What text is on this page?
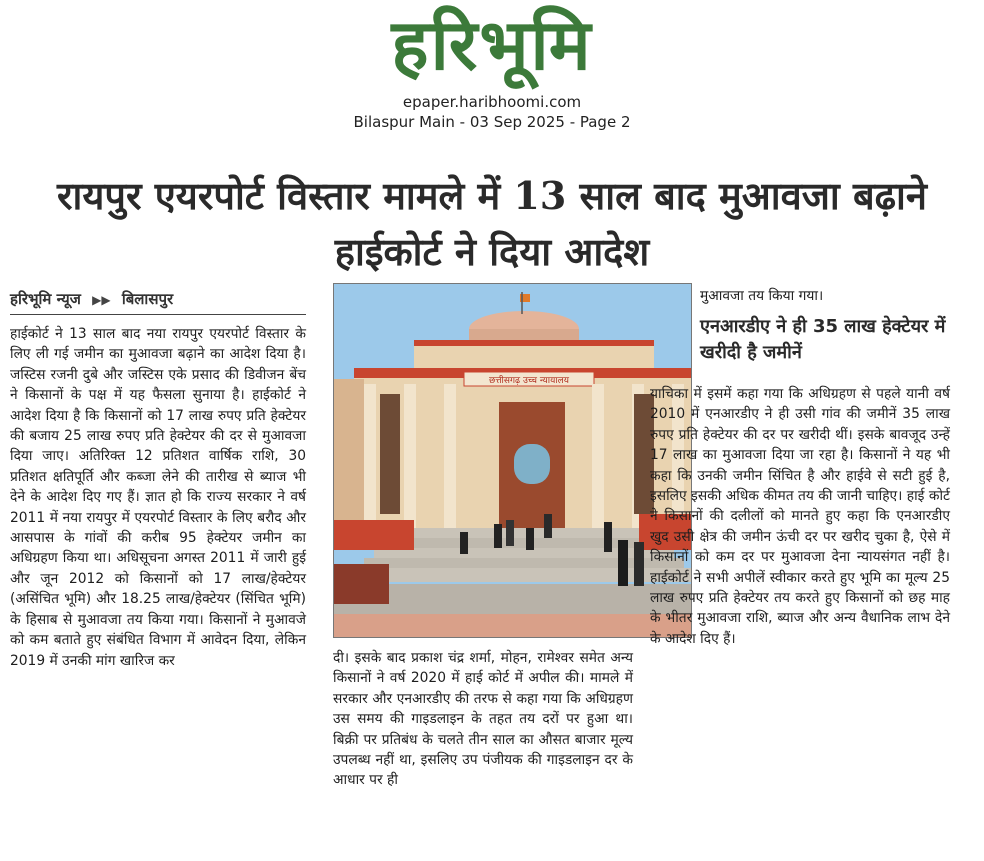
हरिभूमि
epaper.haribhoomi.com
Bilaspur Main - 03 Sep 2025 - Page 2
रायपुर एयरपोर्ट विस्तार मामले में 13 साल बाद मुआवजा बढ़ाने हाईकोर्ट ने दिया आदेश
हरिभूमि न्यूज ▶▶ बिलासपुर

हाईकोर्ट ने 13 साल बाद नया रायपुर एयरपोर्ट विस्तार के लिए ली गई जमीन का मुआवजा बढ़ाने का आदेश दिया है। जस्टिस रजनी दुबे और जस्टिस एके प्रसाद की डिवीजन बेंच ने किसानों के पक्ष में यह फैसला सुनाया है। हाईकोर्ट ने आदेश दिया है कि किसानों को 17 लाख रुपए प्रति हेक्टेयर की बजाय 25 लाख रुपए प्रति हेक्टेयर की दर से मुआवजा दिया जाए। अतिरिक्त 12 प्रतिशत वार्षिक राशि, 30 प्रतिशत क्षतिपूर्ति और कब्जा लेने की तारीख से ब्याज भी देने के आदेश दिए गए हैं। ज्ञात हो कि राज्य सरकार ने वर्ष 2011 में नया रायपुर में एयरपोर्ट विस्तार के लिए बरौद और आसपास के गांवों की करीब 95 हेक्टेयर जमीन का अधिग्रहण किया था। अधिसूचना अगस्त 2011 में जारी हुई और जून 2012 को किसानों को 17 लाख/हेक्टेयर (असिंचित भूमि) और 18.25 लाख/हेक्टेयर (सिंचित भूमि) के हिसाब से मुआवजा तय किया गया। किसानों ने मुआवजे को कम बताते हुए संबंधित विभाग में आवेदन दिया, लेकिन 2019 में उनकी मांग खारिज कर

छत्तीसगढ़ उच्च न्यायालय

दी। इसके बाद प्रकाश चंद्र शर्मा, मोहन, रामेश्वर समेत अन्य किसानों ने वर्ष 2020 में हाई कोर्ट में अपील की। मामले में सरकार और एनआरडीए की तरफ से कहा गया कि अधिग्रहण उस समय की गाइडलाइन के तहत तय दरों पर हुआ था। बिक्री पर प्रतिबंध के चलते तीन साल का औसत बाजार मूल्य उपलब्ध नहीं था, इसलिए उप पंजीयक की गाइडलाइन दर के आधार पर ही

मुआवजा तय किया गया।

एनआरडीए ने ही 35 लाख हेक्टेयर में खरीदी है जमीनें

याचिका में इसमें कहा गया कि अधिग्रहण से पहले यानी वर्ष 2010 में एनआरडीए ने ही उसी गांव की जमीनें 35 लाख रुपए प्रति हेक्टेयर की दर पर खरीदी थीं। इसके बावजूद उन्हें 17 लाख का मुआवजा दिया जा रहा है। किसानों ने यह भी कहा कि उनकी जमीन सिंचित है और हाईवे से सटी हुई है, इसलिए इसकी अधिक कीमत तय की जानी चाहिए। हाई कोर्ट ने किसानों की दलीलों को मानते हुए कहा कि एनआरडीए खुद उसी क्षेत्र की जमीन ऊंची दर पर खरीद चुका है, ऐसे में किसानों को कम दर पर मुआवजा देना न्यायसंगत नहीं है। हाईकोर्ट ने सभी अपीलें स्वीकार करते हुए भूमि का मूल्य 25 लाख रुपए प्रति हेक्टेयर तय करते हुए किसानों को छह माह के भीतर मुआवजा राशि, ब्याज और अन्य वैधानिक लाभ देने के आदेश दिए हैं।
